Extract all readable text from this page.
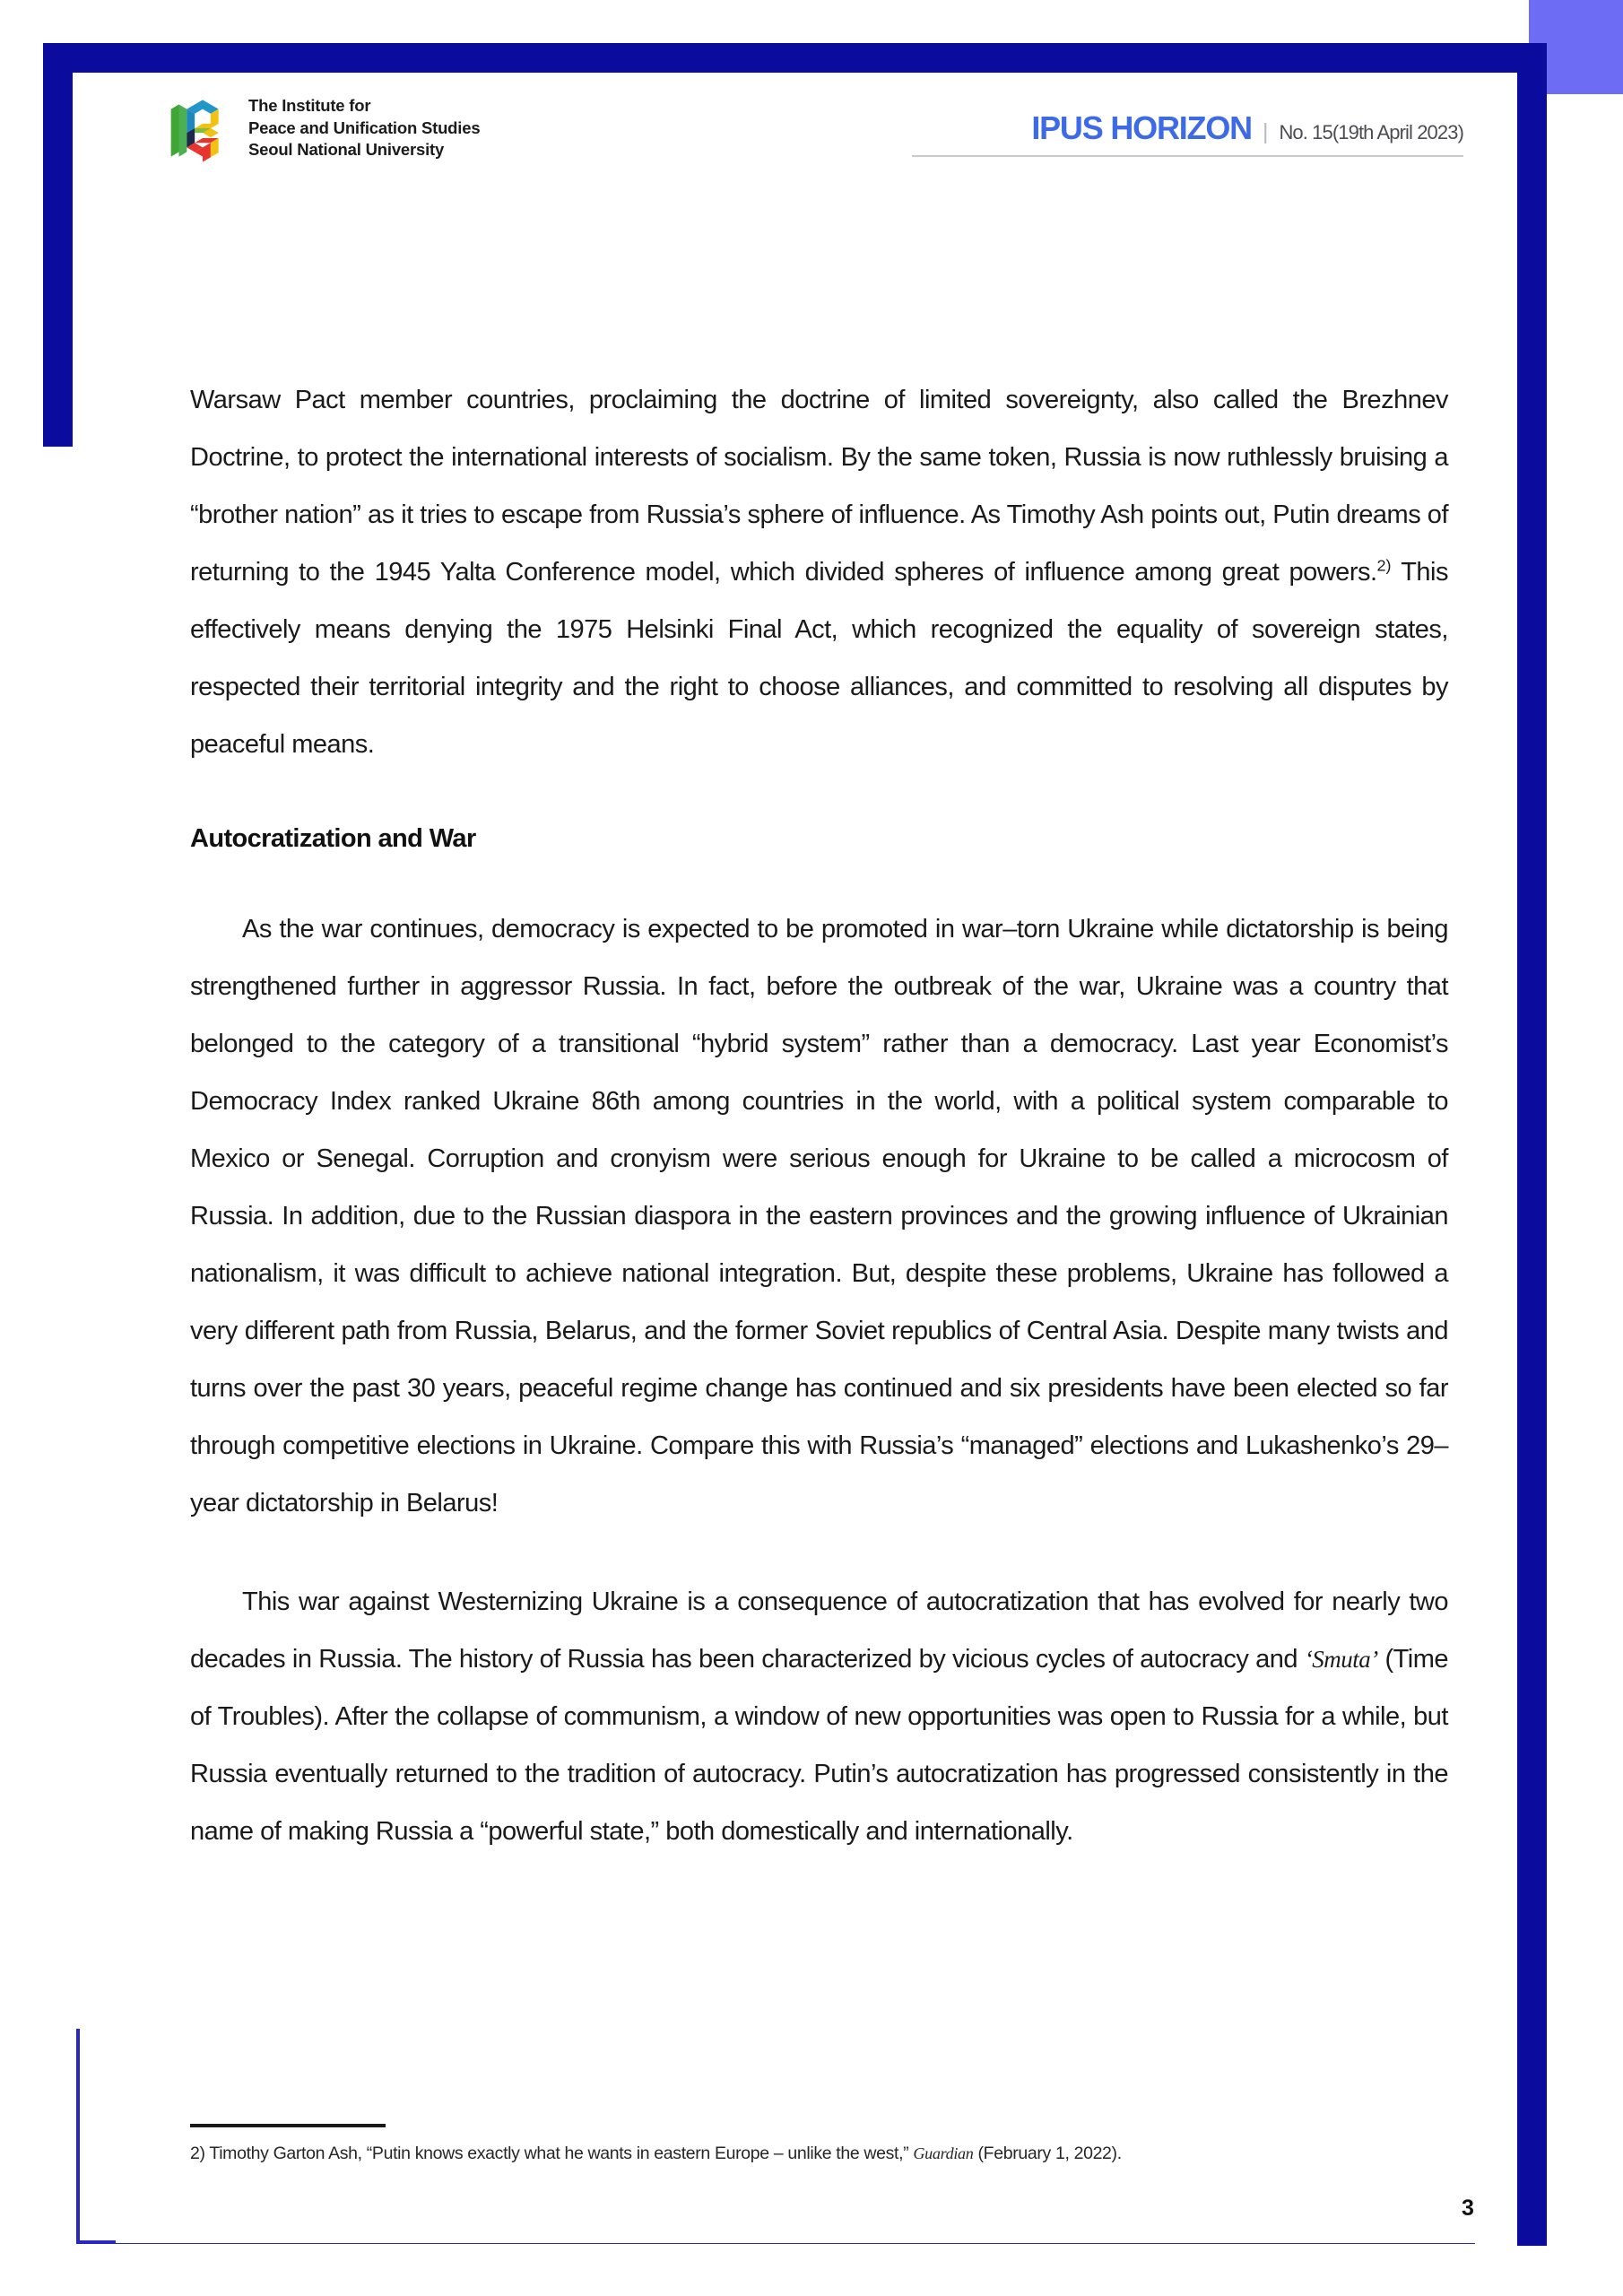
The Institute for
Peace and Unification Studies
Seoul National University
IPUS HORIZON | No. 15(19th April 2023)

Warsaw Pact member countries, proclaiming the doctrine of limited sovereignty, also called the Brezhnev Doctrine, to protect the international interests of socialism. By the same token, Russia is now ruthlessly bruising a “brother nation” as it tries to escape from Russia’s sphere of influence. As Timothy Ash points out, Putin dreams of returning to the 1945 Yalta Conference model, which divided spheres of influence among great powers.$^{2)}$ This effectively means denying the 1975 Helsinki Final Act, which recognized the equality of sovereign states, respected their territorial integrity and the right to choose alliances, and committed to resolving all disputes by peaceful means.

Autocratization and War

As the war continues, democracy is expected to be promoted in war–torn Ukraine while dictatorship is being strengthened further in aggressor Russia. In fact, before the outbreak of the war, Ukraine was a country that belonged to the category of a transitional “hybrid system” rather than a democracy. Last year Economist’s Democracy Index ranked Ukraine 86th among countries in the world, with a political system comparable to Mexico or Senegal. Corruption and cronyism were serious enough for Ukraine to be called a microcosm of Russia. In addition, due to the Russian diaspora in the eastern provinces and the growing influence of Ukrainian nationalism, it was difficult to achieve national integration. But, despite these problems, Ukraine has followed a very different path from Russia, Belarus, and the former Soviet republics of Central Asia. Despite many twists and turns over the past 30 years, peaceful regime change has continued and six presidents have been elected so far through competitive elections in Ukraine. Compare this with Russia’s “managed” elections and Lukashenko’s 29–year dictatorship in Belarus!

This war against Westernizing Ukraine is a consequence of autocratization that has evolved for nearly two decades in Russia. The history of Russia has been characterized by vicious cycles of autocracy and ‘Smuta’ (Time of Troubles). After the collapse of communism, a window of new opportunities was open to Russia for a while, but Russia eventually returned to the tradition of autocracy. Putin’s autocratization has progressed consistently in the name of making Russia a “powerful state,” both domestically and internationally.

2) Timothy Garton Ash, “Putin knows exactly what he wants in eastern Europe – unlike the west,” Guardian (February 1, 2022).
3
